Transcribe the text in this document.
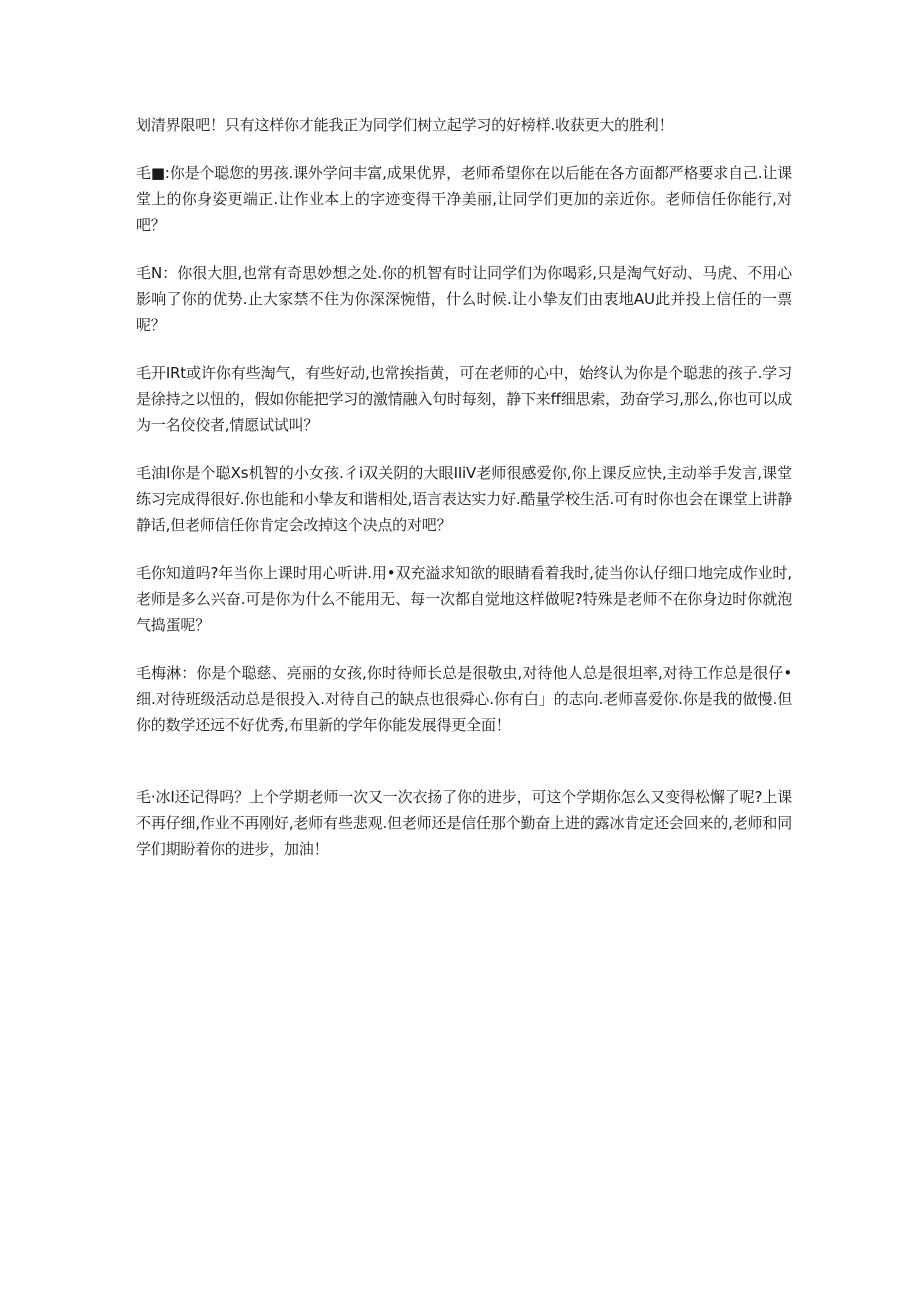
划清界限吧！只有这样你才能我正为同学们树立起学习的好榜样.收获更大的胜利！

毛■:你是个聪您的男孩.课外学问丰富,成果优界，老师希望你在以后能在各方面都严格要求自己.让课堂上的你身姿更端正.让作业本上的字迹变得干净美丽,让同学们更加的亲近你。老师信任你能行,对吧？

毛N：你很大胆,也常有奇思妙想之处.你的机智有时让同学们为你喝彩,只是淘气好动、马虎、不用心影响了你的优势.止大家禁不住为你深深惋惜，什么时候.让小挚友们由衷地AU此并投上信任的一票呢？

毛开IRt或许你有些淘气，有些好动,也常挨指黄，可在老师的心中，始终认为你是个聪悲的孩子.学习是徐持之以忸的，假如你能把学习的激情融入句时每刻，静下来ff细思索，劲奋学习,那么,你也可以成为一名佼佼者,情愿试试叫？

毛油l你是个聪Xs机智的小女孩.彳i双关阴的大眼IIiV老师很感爱你,你上课反应快,主动举手发言,课堂练习完成得很好.你也能和小挚友和谐相处,语言表达实力好.酷量学校生活.可有时你也会在课堂上讲静静话,但老师信任你肯定会改掉这个决点的对吧？

毛你知道吗?年当你上课时用心听讲.用•双充溢求知欲的眼睛看着我时,徒当你认仔细口地完成作业时,老师是多么兴奋.可是你为什么不能用无、每一次都自觉地这样做呢?特殊是老师不在你身边时你就泡气捣蛋呢？

毛梅淋：你是个聪慈、亮丽的女孩,你时待师长总是很敬虫,对待他人总是很坦率,对待工作总是很仔•细.对待班级活动总是很投入.对待自己的缺点也很舜心.你有白」的志向.老师喜爱你.你是我的做慢.但你的数学还远不好优秀,布里新的学年你能发展得更全面！

毛·冰I还记得吗？上个学期老师一次又一次衣扬了你的进步，可这个学期你怎么又变得松懈了呢?上课不再仔细,作业不再刚好,老师有些悲观.但老师还是信任那个勤奋上进的露冰肯定还会回来的,老师和同学们期盼着你的进步，加油！
